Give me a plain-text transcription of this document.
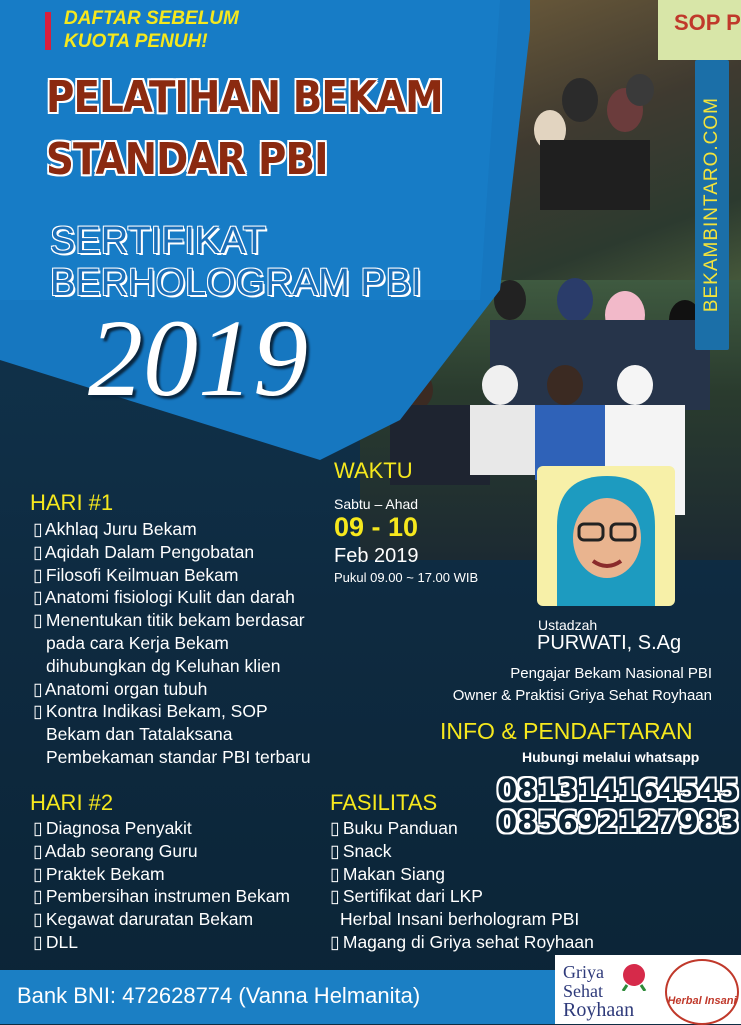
SOP P
BEKAMBINTARO.COM
DAFTAR SEBELUM
KUOTA PENUH!
PELATIHAN BEKAM
STANDAR PBI
SERTIFIKAT
BERHOLOGRAM PBI
2019
HARI #1
▯ Akhlaq Juru Bekam
▯ Aqidah Dalam Pengobatan
▯ Filosofi Keilmuan Bekam
▯ Anatomi fisiologi Kulit dan darah
▯ Menentukan titik bekam berdasar
pada cara Kerja Bekam
dihubungkan dg Keluhan klien
▯ Anatomi organ tubuh
▯ Kontra Indikasi Bekam, SOP
Bekam dan Tatalaksana
Pembekaman standar PBI terbaru
WAKTU
Sabtu – Ahad
09 - 10
Feb 2019
Pukul 09.00 ~ 17.00 WIB
Ustadzah
PURWATI, S.Ag
Pengajar Bekam Nasional PBI
Owner & Praktisi Griya Sehat Royhaan
INFO & PENDAFTARAN
Hubungi melalui whatsapp
081314164545
085692127983
HARI #2
▯ Diagnosa Penyakit
▯ Adab seorang Guru
▯ Praktek Bekam
▯ Pembersihan instrumen Bekam
▯ Kegawat daruratan Bekam
▯ DLL
FASILITAS
▯ Buku Panduan
▯ Snack
▯ Makan Siang
▯ Sertifikat dari LKP
Herbal Insani berhologram PBI
▯ Magang di Griya sehat Royhaan
Bank BNI: 472628774 (Vanna Helmanita)
Griya
Sehat
Royhaan	Herbal Insani
